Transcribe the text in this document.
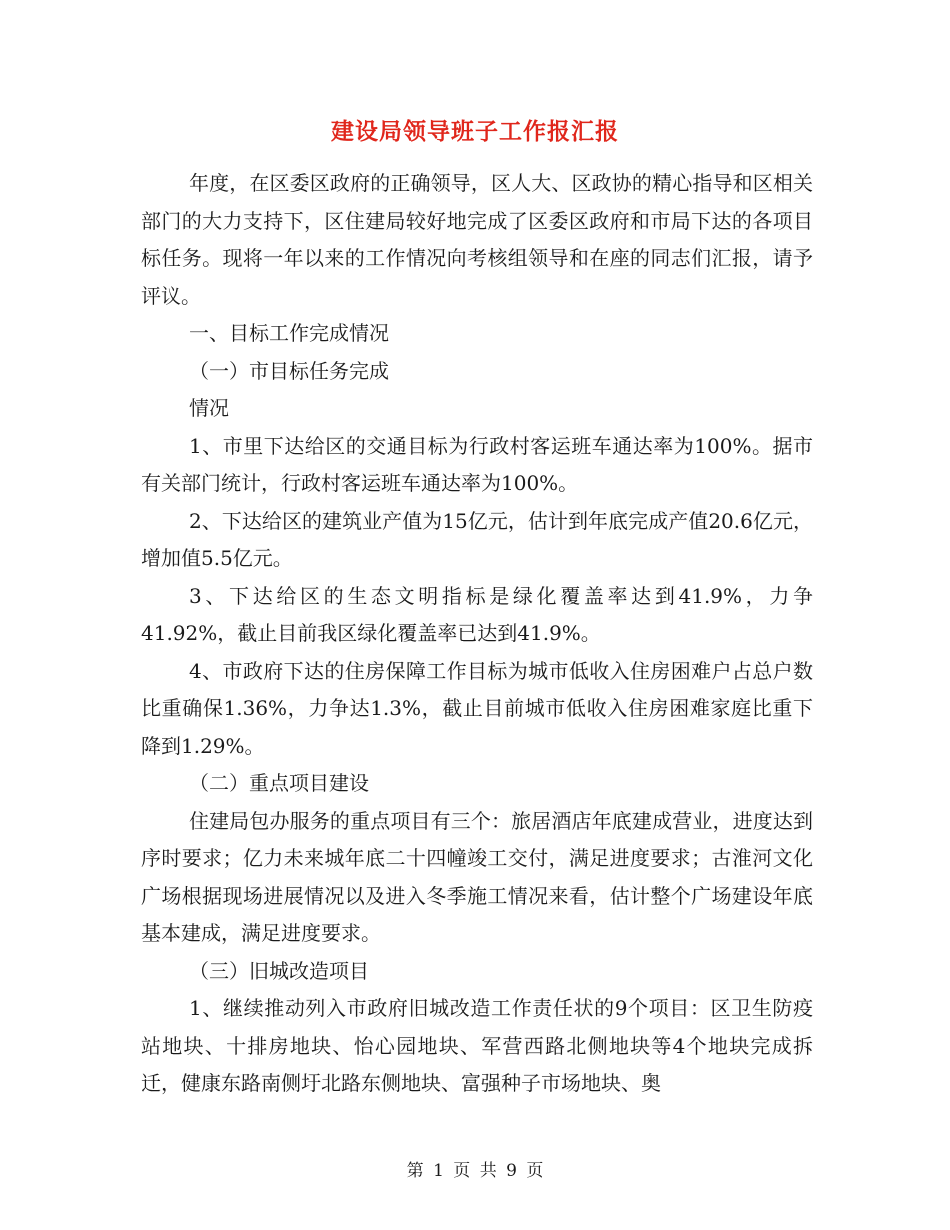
建设局领导班子工作报汇报

年度，在区委区政府的正确领导，区人大、区政协的精心指导和区相关部门的大力支持下，区住建局较好地完成了区委区政府和市局下达的各项目标任务。现将一年以来的工作情况向考核组领导和在座的同志们汇报，请予评议。

一、目标工作完成情况

（一）市目标任务完成

情况

1、市里下达给区的交通目标为行政村客运班车通达率为100%。据市有关部门统计，行政村客运班车通达率为100%。

2、下达给区的建筑业产值为15亿元，估计到年底完成产值20.6亿元，增加值5.5亿元。

3、下达给区的生态文明指标是绿化覆盖率达到41.9%，力争41.92%，截止目前我区绿化覆盖率已达到41.9%。

4、市政府下达的住房保障工作目标为城市低收入住房困难户占总户数比重确保1.36%，力争达1.3%，截止目前城市低收入住房困难家庭比重下降到1.29%。

（二）重点项目建设

住建局包办服务的重点项目有三个：旅居酒店年底建成营业，进度达到序时要求；亿力未来城年底二十四幢竣工交付，满足进度要求；古淮河文化广场根据现场进展情况以及进入冬季施工情况来看，估计整个广场建设年底基本建成，满足进度要求。

（三）旧城改造项目

1、继续推动列入市政府旧城改造工作责任状的9个项目：区卫生防疫站地块、十排房地块、怡心园地块、军营西路北侧地块等4个地块完成拆迁，健康东路南侧圩北路东侧地块、富强种子市场地块、奥

第 1 页 共 9 页
